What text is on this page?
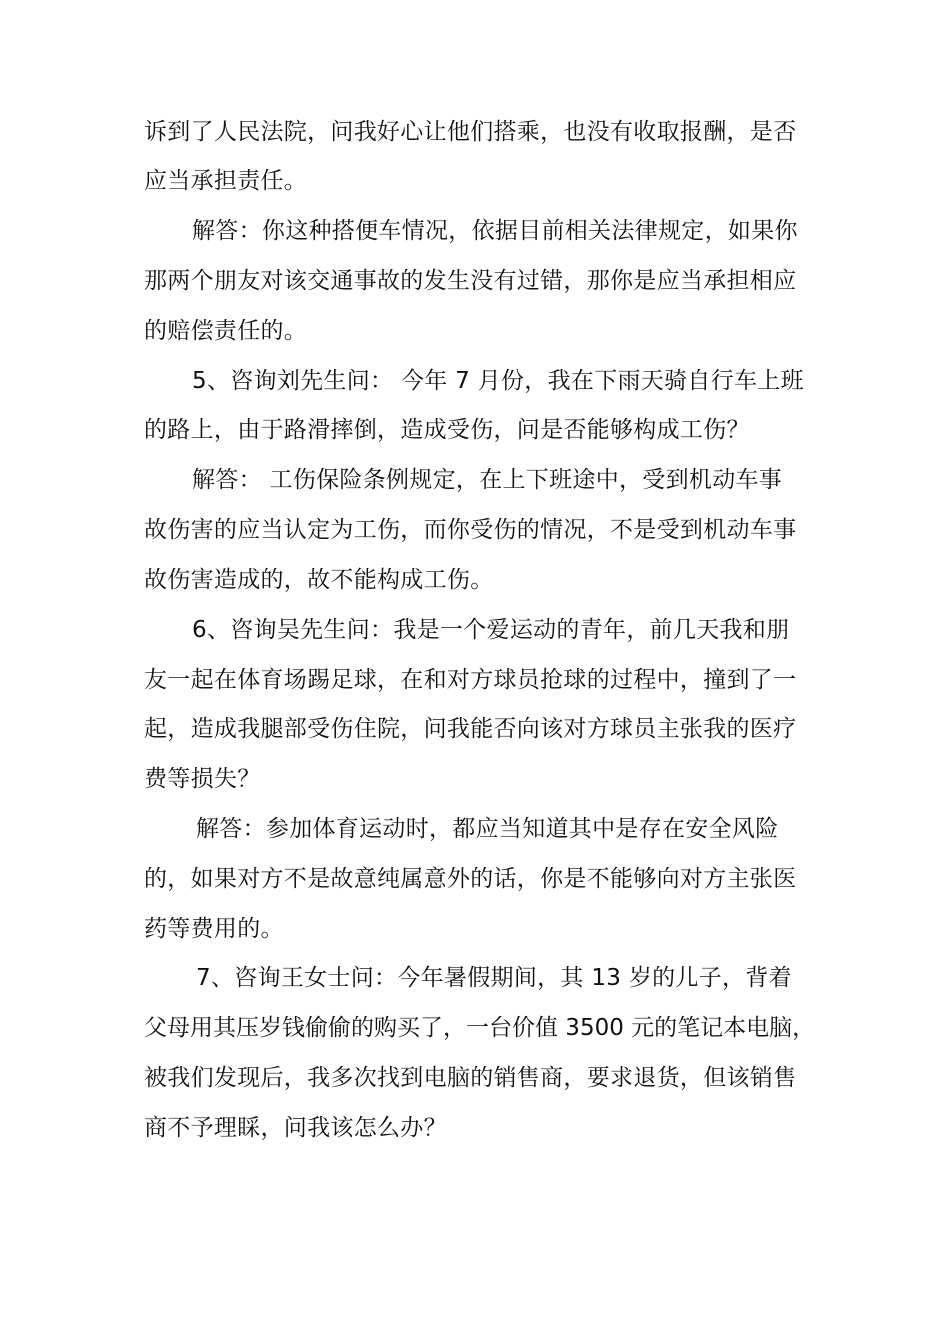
诉到了人民法院，问我好心让他们搭乘，也没有收取报酬，是否
应当承担责任。
解答：你这种搭便车情况，依据目前相关法律规定，如果你
那两个朋友对该交通事故的发生没有过错，那你是应当承担相应
的赔偿责任的。
5、咨询刘先生问： 今年 7 月份，我在下雨天骑自行车上班
的路上，由于路滑摔倒，造成受伤，问是否能够构成工伤？
解答： 工伤保险条例规定，在上下班途中，受到机动车事
故伤害的应当认定为工伤，而你受伤的情况，不是受到机动车事
故伤害造成的，故不能构成工伤。
6、咨询吴先生问：我是一个爱运动的青年，前几天我和朋
友一起在体育场踢足球，在和对方球员抢球的过程中，撞到了一
起，造成我腿部受伤住院，问我能否向该对方球员主张我的医疗
费等损失？
解答：参加体育运动时，都应当知道其中是存在安全风险
的，如果对方不是故意纯属意外的话，你是不能够向对方主张医
药等费用的。
7、咨询王女士问：今年暑假期间，其 13 岁的儿子，背着
父母用其压岁钱偷偷的购买了，一台价值 3500 元的笔记本电脑，
被我们发现后，我多次找到电脑的销售商，要求退货，但该销售
商不予理睬，问我该怎么办？
